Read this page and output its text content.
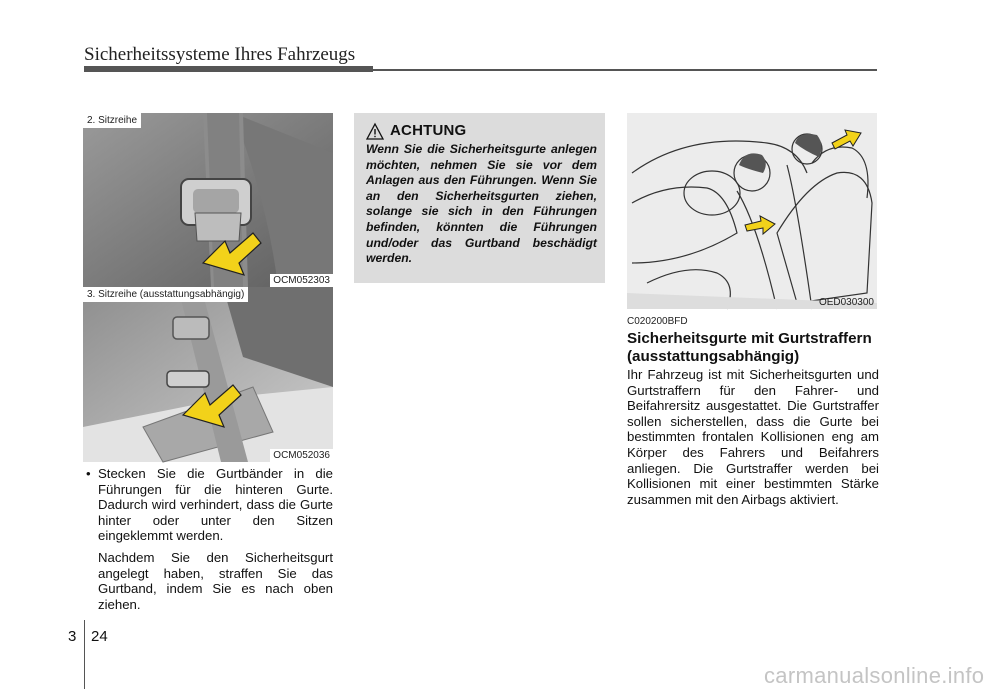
Sicherheitssysteme Ihres Fahrzeugs
2. Sitzreihe
OCM052303
3. Sitzreihe (ausstattungsabhängig)
OCM052036
ACHTUNG
Wenn Sie die Sicherheitsgurte anlegen möchten, nehmen Sie sie vor dem Anlagen aus den Führungen. Wenn Sie an den Sicherheitsgurten ziehen, solange sie sich in den Führungen befinden, könnten die Führungen und/oder das Gurtband beschädigt werden.
OED030300
• Stecken Sie die Gurtbänder in die Führungen für die hinteren Gurte. Dadurch wird verhindert, dass die Gurte hinter oder unter den Sitzen eingeklemmt werden.

Nachdem Sie den Sicherheitsgurt angelegt haben, straffen Sie das Gurtband, indem Sie es nach oben ziehen.

C020200BFD
Sicherheitsgurte mit Gurtstraffern (ausstattungsabhängig)

Ihr Fahrzeug ist mit Sicherheitsgurten und Gurtstraffern für den Fahrer- und Beifahrersitz ausgestattet. Die Gurtstraffer sollen sicherstellen, dass die Gurte bei bestimmten frontalen Kollisionen eng am Körper des Fahrers und Beifahrers anliegen. Die Gurtstraffer werden bei Kollisionen mit einer bestimmten Stärke zusammen mit den Airbags aktiviert.

3 24
carmanualsonline.info
